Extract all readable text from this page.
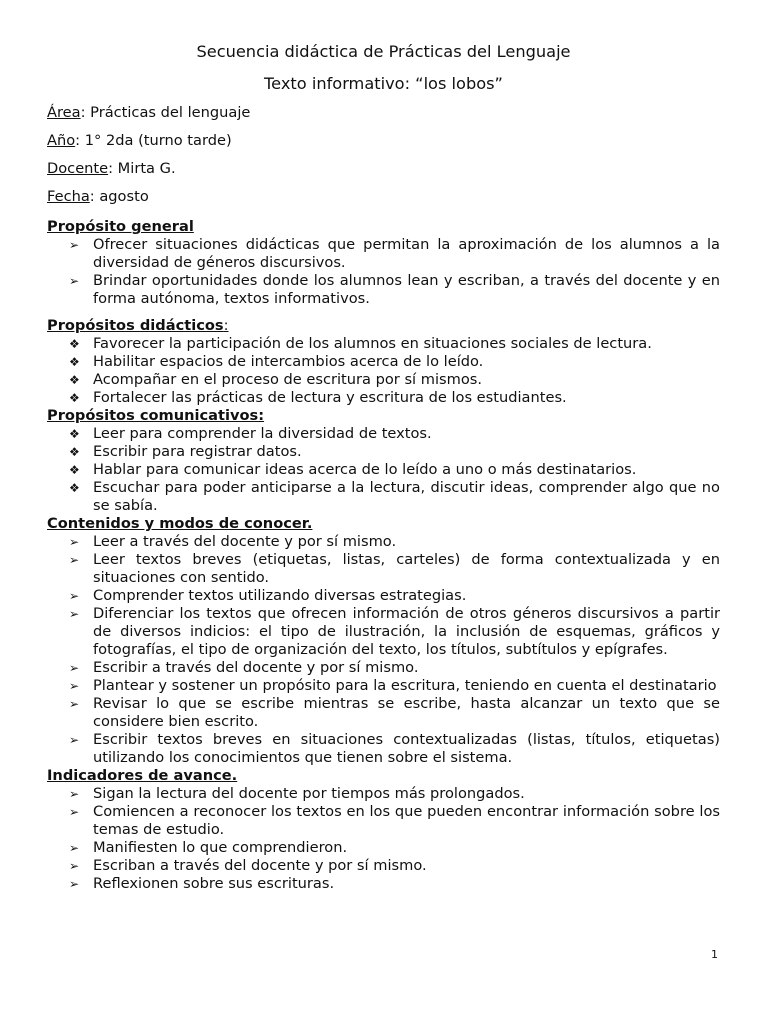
Secuencia didáctica de Prácticas del Lenguaje

Texto informativo: “los lobos”

Área: Prácticas del lenguaje
Año: 1° 2da (turno tarde)
Docente: Mirta G.
Fecha: agosto

Propósito general

➢ Ofrecer situaciones didácticas que permitan la aproximación de los alumnos a la diversidad de géneros discursivos.
➢ Brindar oportunidades donde los alumnos lean y escriban, a través del docente y en forma autónoma, textos informativos.

Propósitos didácticos:

❖ Favorecer la participación de los alumnos en situaciones sociales de lectura.
❖ Habilitar espacios de intercambios acerca de lo leído.
❖ Acompañar en el proceso de escritura por sí mismos.
❖ Fortalecer las prácticas de lectura y escritura de los estudiantes.

Propósitos comunicativos:

❖ Leer para comprender la diversidad de textos.
❖ Escribir para registrar datos.
❖ Hablar para comunicar ideas acerca de lo leído a uno o más destinatarios.
❖ Escuchar para poder anticiparse a la lectura, discutir ideas, comprender algo que no se sabía.

Contenidos y modos de conocer.

➢ Leer a través del docente y por sí mismo.
➢ Leer textos breves (etiquetas, listas, carteles) de forma contextualizada y en situaciones con sentido.
➢ Comprender textos utilizando diversas estrategias.
➢ Diferenciar los textos que ofrecen información de otros géneros discursivos a partir de diversos indicios: el tipo de ilustración, la inclusión de esquemas, gráficos y fotografías, el tipo de organización del texto, los títulos, subtítulos y epígrafes.
➢ Escribir a través del docente y por sí mismo.
➢ Plantear y sostener un propósito para la escritura, teniendo en cuenta el destinatario
➢ Revisar lo que se escribe mientras se escribe, hasta alcanzar un texto que se considere bien escrito.
➢ Escribir textos breves en situaciones contextualizadas (listas, títulos, etiquetas) utilizando los conocimientos que tienen sobre el sistema.

Indicadores de avance.

➢ Sigan la lectura del docente por tiempos más prolongados.
➢ Comiencen a reconocer los textos en los que pueden encontrar información sobre los temas de estudio.
➢ Manifiesten lo que comprendieron.
➢ Escriban a través del docente y por sí mismo.
➢ Reflexionen sobre sus escrituras.
1
